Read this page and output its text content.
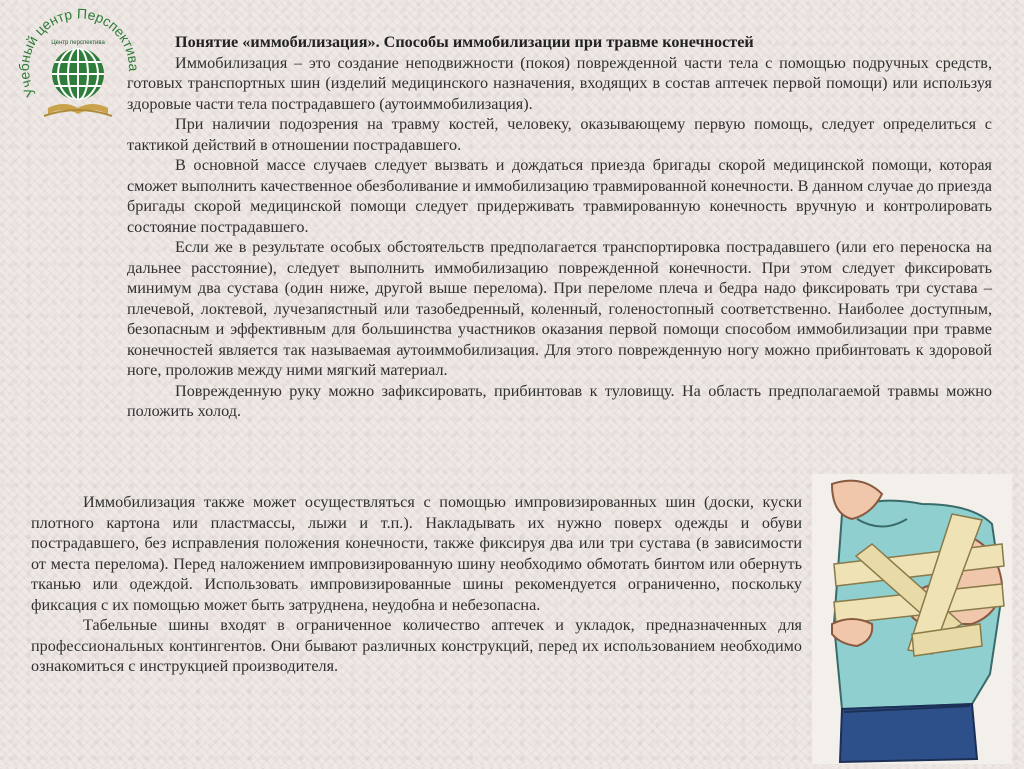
Учебный центр Перспектива
Центр перспектива	Понятие «иммобилизация». Способы иммобилизации при травме конечностей

Иммобилизация – это создание неподвижности (покоя) поврежденной части тела с помощью подручных средств, готовых транспортных шин (изделий медицинского назначения, входящих в состав аптечек первой помощи) или используя здоровые части тела пострадавшего (аутоиммобилизация).

При наличии подозрения на травму костей, человеку, оказывающему первую помощь, следует определиться с тактикой действий в отношении пострадавшего.

В основной массе случаев следует вызвать и дождаться приезда бригады скорой медицинской помощи, которая сможет выполнить качественное обезболивание и иммобилизацию травмированной конечности. В данном случае до приезда бригады скорой медицинской помощи следует придерживать травмированную конечность вручную и контролировать состояние пострадавшего.

Если же в результате особых обстоятельств предполагается транспортировка пострадавшего (или его переноска на дальнее расстояние), следует выполнить иммобилизацию поврежденной конечности. При этом следует фиксировать минимум два сустава (один ниже, другой выше перелома). При переломе плеча и бедра надо фиксировать три сустава – плечевой, локтевой, лучезапястный или тазобедренный, коленный, голеностопный соответственно. Наиболее доступным, безопасным и эффективным для большинства участников оказания первой помощи способом иммобилизации при травме конечностей является так называемая аутоиммобилизация. Для этого поврежденную ногу можно прибинтовать к здоровой ноге, проложив между ними мягкий материал.

Поврежденную руку можно зафиксировать, прибинтовав к туловищу. На область предполагаемой травмы можно положить холод.

Иммобилизация также может осуществляться с помощью импровизированных шин (доски, куски плотного картона или пластмассы, лыжи и т.п.). Накладывать их нужно поверх одежды и обуви пострадавшего, без исправления положения конечности, также фиксируя два или три сустава (в зависимости от места перелома). Перед наложением импровизированную шину необходимо обмотать бинтом или обернуть тканью или одеждой. Использовать импровизированные шины рекомендуется ограниченно, поскольку фиксация с их помощью может быть затруднена, неудобна и небезопасна.

Табельные шины входят в ограниченное количество аптечек и укладок, предназначенных для профессиональных контингентов. Они бывают различных конструкций, перед их использованием необходимо ознакомиться с инструкцией производителя.
